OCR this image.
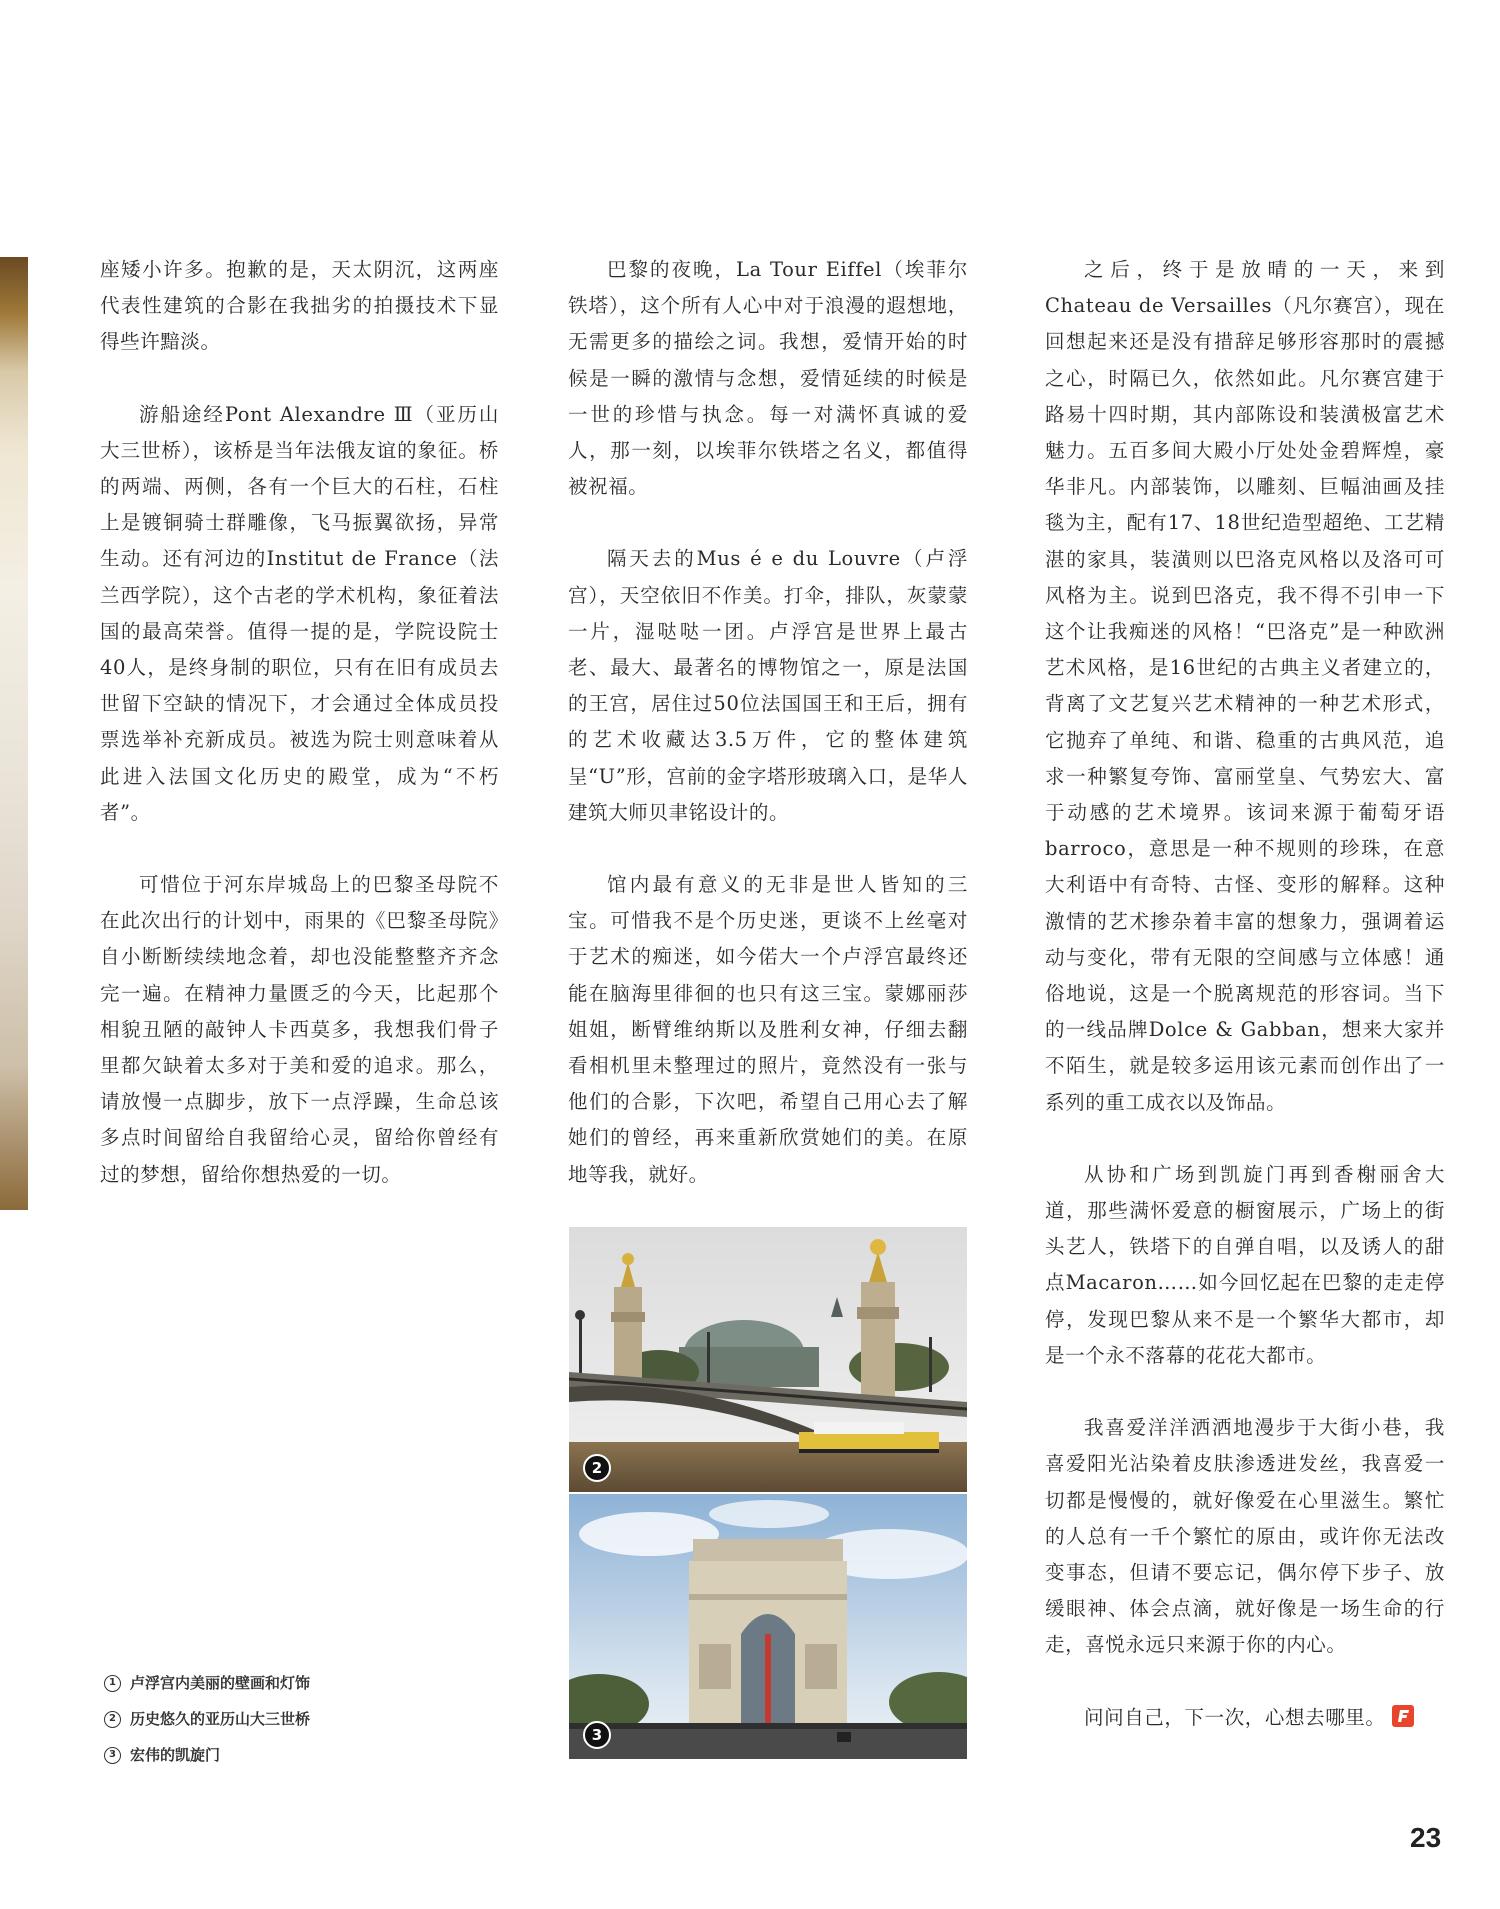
座矮小许多。抱歉的是，天太阴沉，这两座代表性建筑的合影在我拙劣的拍摄技术下显得些许黯淡。

游船途经Pont Alexandre Ⅲ（亚历山大三世桥），该桥是当年法俄友谊的象征。桥的两端、两侧，各有一个巨大的石柱，石柱上是镀铜骑士群雕像，飞马振翼欲扬，异常生动。还有河边的Institut de France（法兰西学院），这个古老的学术机构，象征着法国的最高荣誉。值得一提的是，学院设院士40人，是终身制的职位，只有在旧有成员去世留下空缺的情况下，才会通过全体成员投票选举补充新成员。被选为院士则意味着从此进入法国文化历史的殿堂，成为“不朽者”。

可惜位于河东岸城岛上的巴黎圣母院不在此次出行的计划中，雨果的《巴黎圣母院》自小断断续续地念着，却也没能整整齐齐念完一遍。在精神力量匮乏的今天，比起那个相貌丑陋的敲钟人卡西莫多，我想我们骨子里都欠缺着太多对于美和爱的追求。那么，请放慢一点脚步，放下一点浮躁，生命总该多点时间留给自我留给心灵，留给你曾经有过的梦想，留给你想热爱的一切。

巴黎的夜晚，La Tour Eiffel（埃菲尔铁塔），这个所有人心中对于浪漫的遐想地，无需更多的描绘之词。我想，爱情开始的时候是一瞬的激情与念想，爱情延续的时候是一世的珍惜与执念。每一对满怀真诚的爱人，那一刻，以埃菲尔铁塔之名义，都值得被祝福。

隔天去的Mus é e du Louvre（卢浮宫），天空依旧不作美。打伞，排队，灰蒙蒙一片，湿哒哒一团。卢浮宫是世界上最古老、最大、最著名的博物馆之一，原是法国的王宫，居住过50位法国国王和王后，拥有的艺术收藏达3.5万件，它的整体建筑呈“U”形，宫前的金字塔形玻璃入口，是华人建筑大师贝聿铭设计的。

馆内最有意义的无非是世人皆知的三宝。可惜我不是个历史迷，更谈不上丝毫对于艺术的痴迷，如今偌大一个卢浮宫最终还能在脑海里徘徊的也只有这三宝。蒙娜丽莎姐姐，断臂维纳斯以及胜利女神，仔细去翻看相机里未整理过的照片，竟然没有一张与他们的合影，下次吧，希望自己用心去了解她们的曾经，再来重新欣赏她们的美。在原地等我，就好。

之后，终于是放晴的一天，来到Chateau de Versailles（凡尔赛宫），现在回想起来还是没有措辞足够形容那时的震撼之心，时隔已久，依然如此。凡尔赛宫建于路易十四时期，其内部陈设和装潢极富艺术魅力。五百多间大殿小厅处处金碧辉煌，豪华非凡。内部装饰，以雕刻、巨幅油画及挂毯为主，配有17、18世纪造型超绝、工艺精湛的家具，装潢则以巴洛克风格以及洛可可风格为主。说到巴洛克，我不得不引申一下这个让我痴迷的风格！“巴洛克”是一种欧洲艺术风格，是16世纪的古典主义者建立的，背离了文艺复兴艺术精神的一种艺术形式，它抛弃了单纯、和谐、稳重的古典风范，追求一种繁复夸饰、富丽堂皇、气势宏大、富于动感的艺术境界。该词来源于葡萄牙语barroco，意思是一种不规则的珍珠，在意大利语中有奇特、古怪、变形的解释。这种激情的艺术掺杂着丰富的想象力，强调着运动与变化，带有无限的空间感与立体感！通俗地说，这是一个脱离规范的形容词。当下的一线品牌Dolce & Gabban，想来大家并不陌生，就是较多运用该元素而创作出了一系列的重工成衣以及饰品。

从协和广场到凯旋门再到香榭丽舍大道，那些满怀爱意的橱窗展示，广场上的街头艺人，铁塔下的自弹自唱，以及诱人的甜点Macaron……如今回忆起在巴黎的走走停停，发现巴黎从来不是一个繁华大都市，却是一个永不落幕的花花大都市。

我喜爱洋洋洒洒地漫步于大街小巷，我喜爱阳光沾染着皮肤渗透进发丝，我喜爱一切都是慢慢的，就好像爱在心里滋生。繁忙的人总有一千个繁忙的原由，或许你无法改变事态，但请不要忘记，偶尔停下步子、放缓眼神、体会点滴，就好像是一场生命的行走，喜悦永远只来源于你的内心。

问问自己，下一次，心想去哪里。

2
3
1 卢浮宫内美丽的壁画和灯饰
2 历史悠久的亚历山大三世桥
3 宏伟的凯旋门
23
